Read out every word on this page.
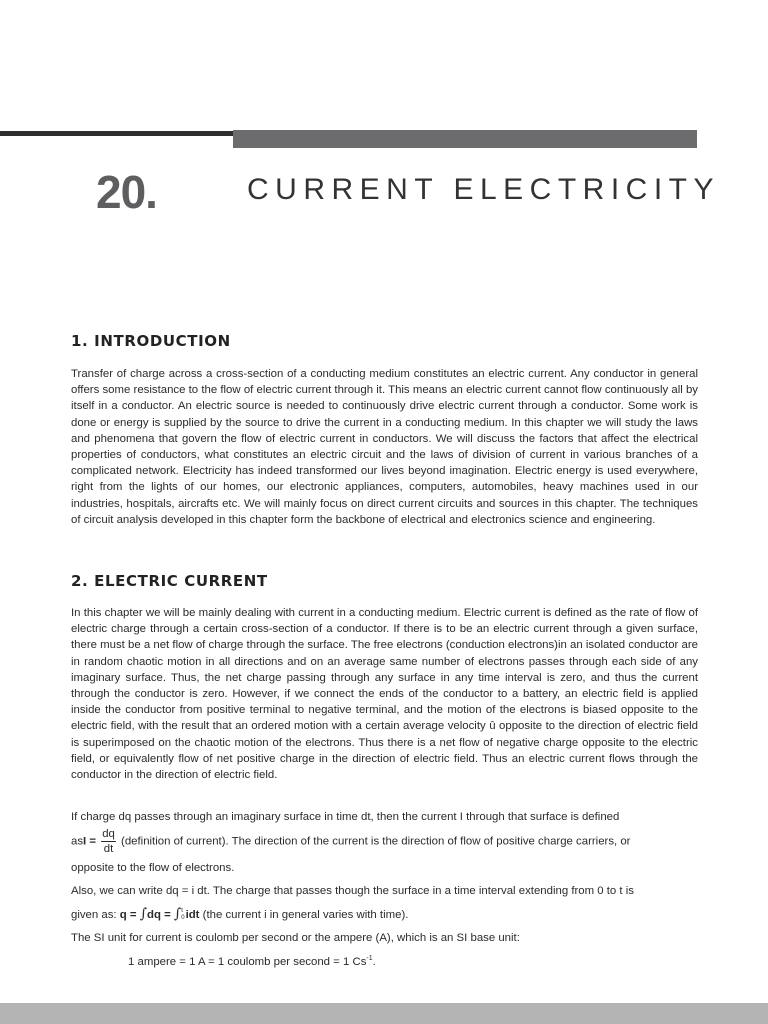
20.	CURRENT ELECTRICITY
1. INTRODUCTION

Transfer of charge across a cross-section of a conducting medium constitutes an electric current. Any conductor in general offers some resistance to the flow of electric current through it. This means an electric current cannot flow continuously all by itself in a conductor. An electric source is needed to continuously drive electric current through a conductor. Some work is done or energy is supplied by the source to drive the current in a conducting medium. In this chapter we will study the laws and phenomena that govern the flow of electric current in conductors. We will discuss the factors that affect the electrical properties of conductors, what constitutes an electric circuit and the laws of division of current in various branches of a complicated network. Electricity has indeed transformed our lives beyond imagination. Electric energy is used everywhere, right from the lights of our homes, our electronic appliances, computers, automobiles, heavy machines used in our industries, hospitals, aircrafts etc. We will mainly focus on direct current circuits and sources in this chapter. The techniques of circuit analysis developed in this chapter form the backbone of electrical and electronics science and engineering.

2. ELECTRIC CURRENT

In this chapter we will be mainly dealing with current in a conducting medium. Electric current is defined as the rate of flow of electric charge through a certain cross-section of a conductor. If there is to be an electric current through a given surface, there must be a net flow of charge through the surface. The free electrons (conduction electrons)in an isolated conductor are in random chaotic motion in all directions and on an average same number of electrons passes through each side of any imaginary surface. Thus, the net charge passing through any surface in any time interval is zero, and thus the current through the conductor is zero. However, if we connect the ends of the conductor to a battery, an electric field is applied inside the conductor from positive terminal to negative terminal, and the motion of the electrons is biased opposite to the electric field, with the result that an ordered motion with a certain average velocity û opposite to the direction of electric field is superimposed on the chaotic motion of the electrons. Thus there is a net flow of negative charge opposite to the electric field, or equivalently flow of net positive charge in the direction of electric field. Thus an electric current flows through the conductor in the direction of electric field.

If charge dq passes through an imaginary surface in time dt, then the current I through that surface is defined

asI = $\frac{dq}{dt}$ (definition of current). The direction of the current is the direction of flow of positive charge carriers, or

opposite to the flow of electrons.

Also, we can write dq = i dt. The charge that passes though the surface in a time interval extending from 0 to t is

given as: q = ∫dq = ∫ t
0 idt (the current i in general varies with time).

The SI unit for current is coulomb per second or the ampere (A), which is an SI base unit:

1 ampere = 1 A = 1 coulomb per second = 1 $Cs^{-1}$.
